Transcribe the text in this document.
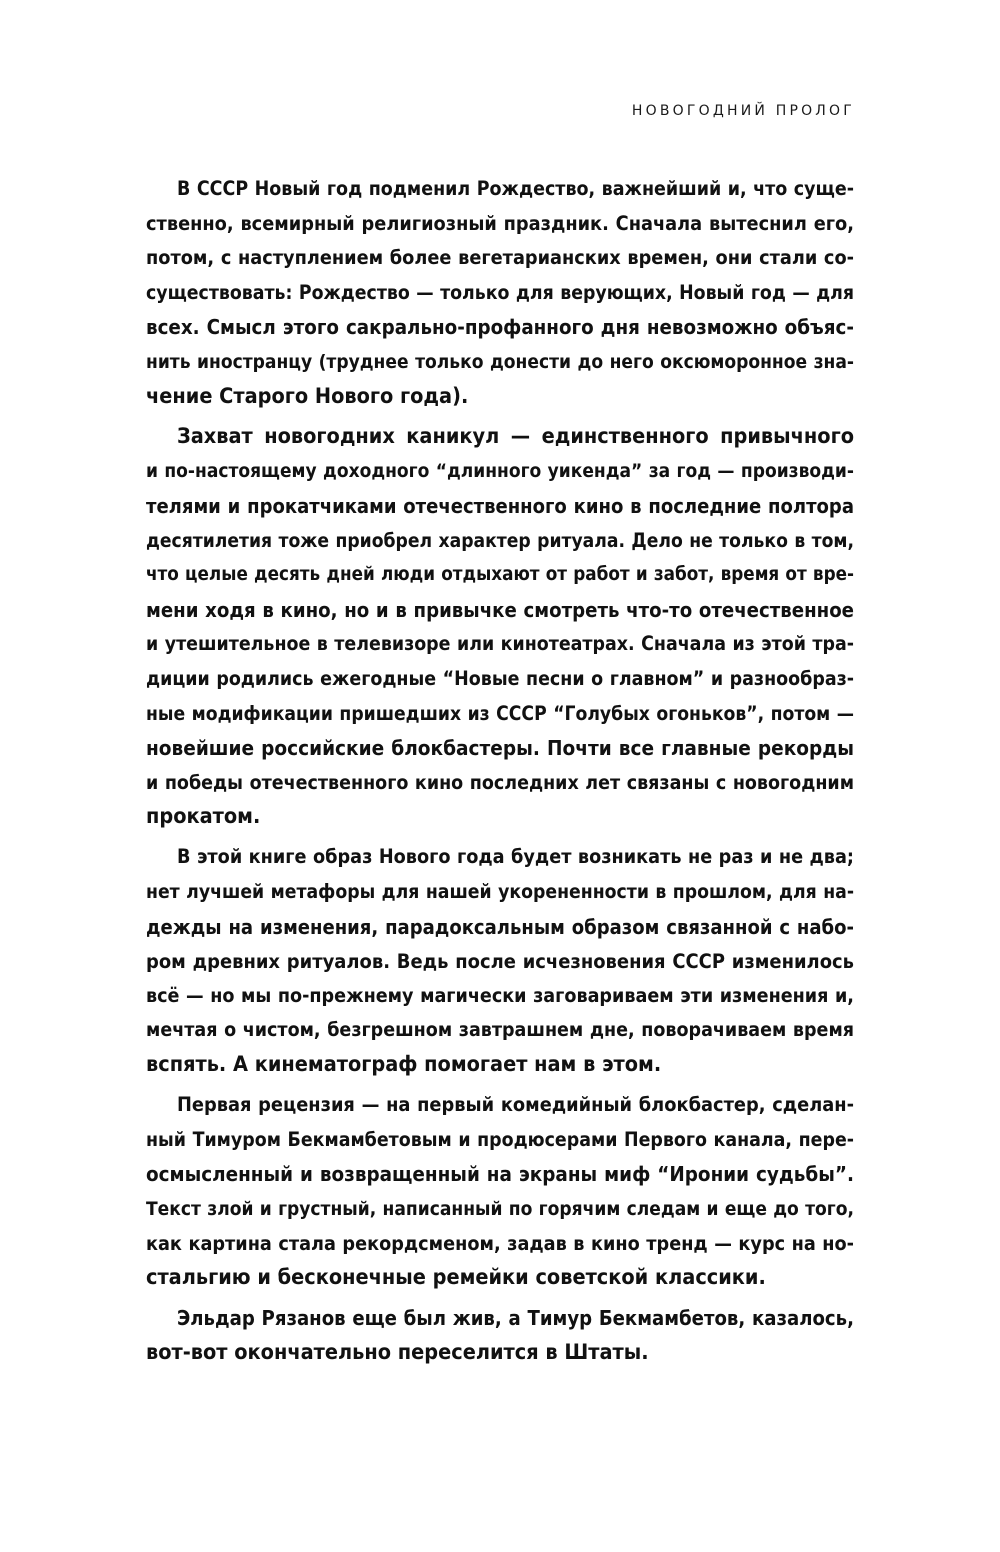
НОВОГОДНИЙ ПРОЛОГ

В СССР Новый год подменил Рождество, важнейший и, что суще-
ственно, всемирный религиозный праздник. Сначала вытеснил его,
потом, с наступлением более вегетарианских времен, они стали со-
существовать: Рождество — только для верующих, Новый год — для
всех. Смысл этого сакрально-профанного дня невозможно объяс-
нить иностранцу (труднее только донести до него оксюморонное зна-
чение Старого Нового года).

Захват новогодних каникул — единственного привычного
и по-настоящему доходного “длинного уикенда” за год — производи-
телями и прокатчиками отечественного кино в последние полтора
десятилетия тоже приобрел характер ритуала. Дело не только в том,
что целые десять дней люди отдыхают от работ и забот, время от вре-
мени ходя в кино, но и в привычке смотреть что-то отечественное
и утешительное в телевизоре или кинотеатрах. Сначала из этой тра-
диции родились ежегодные “Новые песни о главном” и разнообраз-
ные модификации пришедших из СССР “Голубых огоньков”, потом —
новейшие российские блокбастеры. Почти все главные рекорды
и победы отечественного кино последних лет связаны с новогодним
прокатом.

В этой книге образ Нового года будет возникать не раз и не два;
нет лучшей метафоры для нашей укорененности в прошлом, для на-
дежды на изменения, парадоксальным образом связанной с набо-
ром древних ритуалов. Ведь после исчезновения СССР изменилось
всё — но мы по-прежнему магически заговариваем эти изменения и,
мечтая о чистом, безгрешном завтрашнем дне, поворачиваем время
вспять. А кинематограф помогает нам в этом.

Первая рецензия — на первый комедийный блокбастер, сделан-
ный Тимуром Бекмамбетовым и продюсерами Первого канала, пере-
осмысленный и возвращенный на экраны миф “Иронии судьбы”.
Текст злой и грустный, написанный по горячим следам и еще до того,
как картина стала рекордсменом, задав в кино тренд — курс на но-
стальгию и бесконечные ремейки советской классики.

Эльдар Рязанов еще был жив, а Тимур Бекмамбетов, казалось,
вот-вот окончательно переселится в Штаты.
